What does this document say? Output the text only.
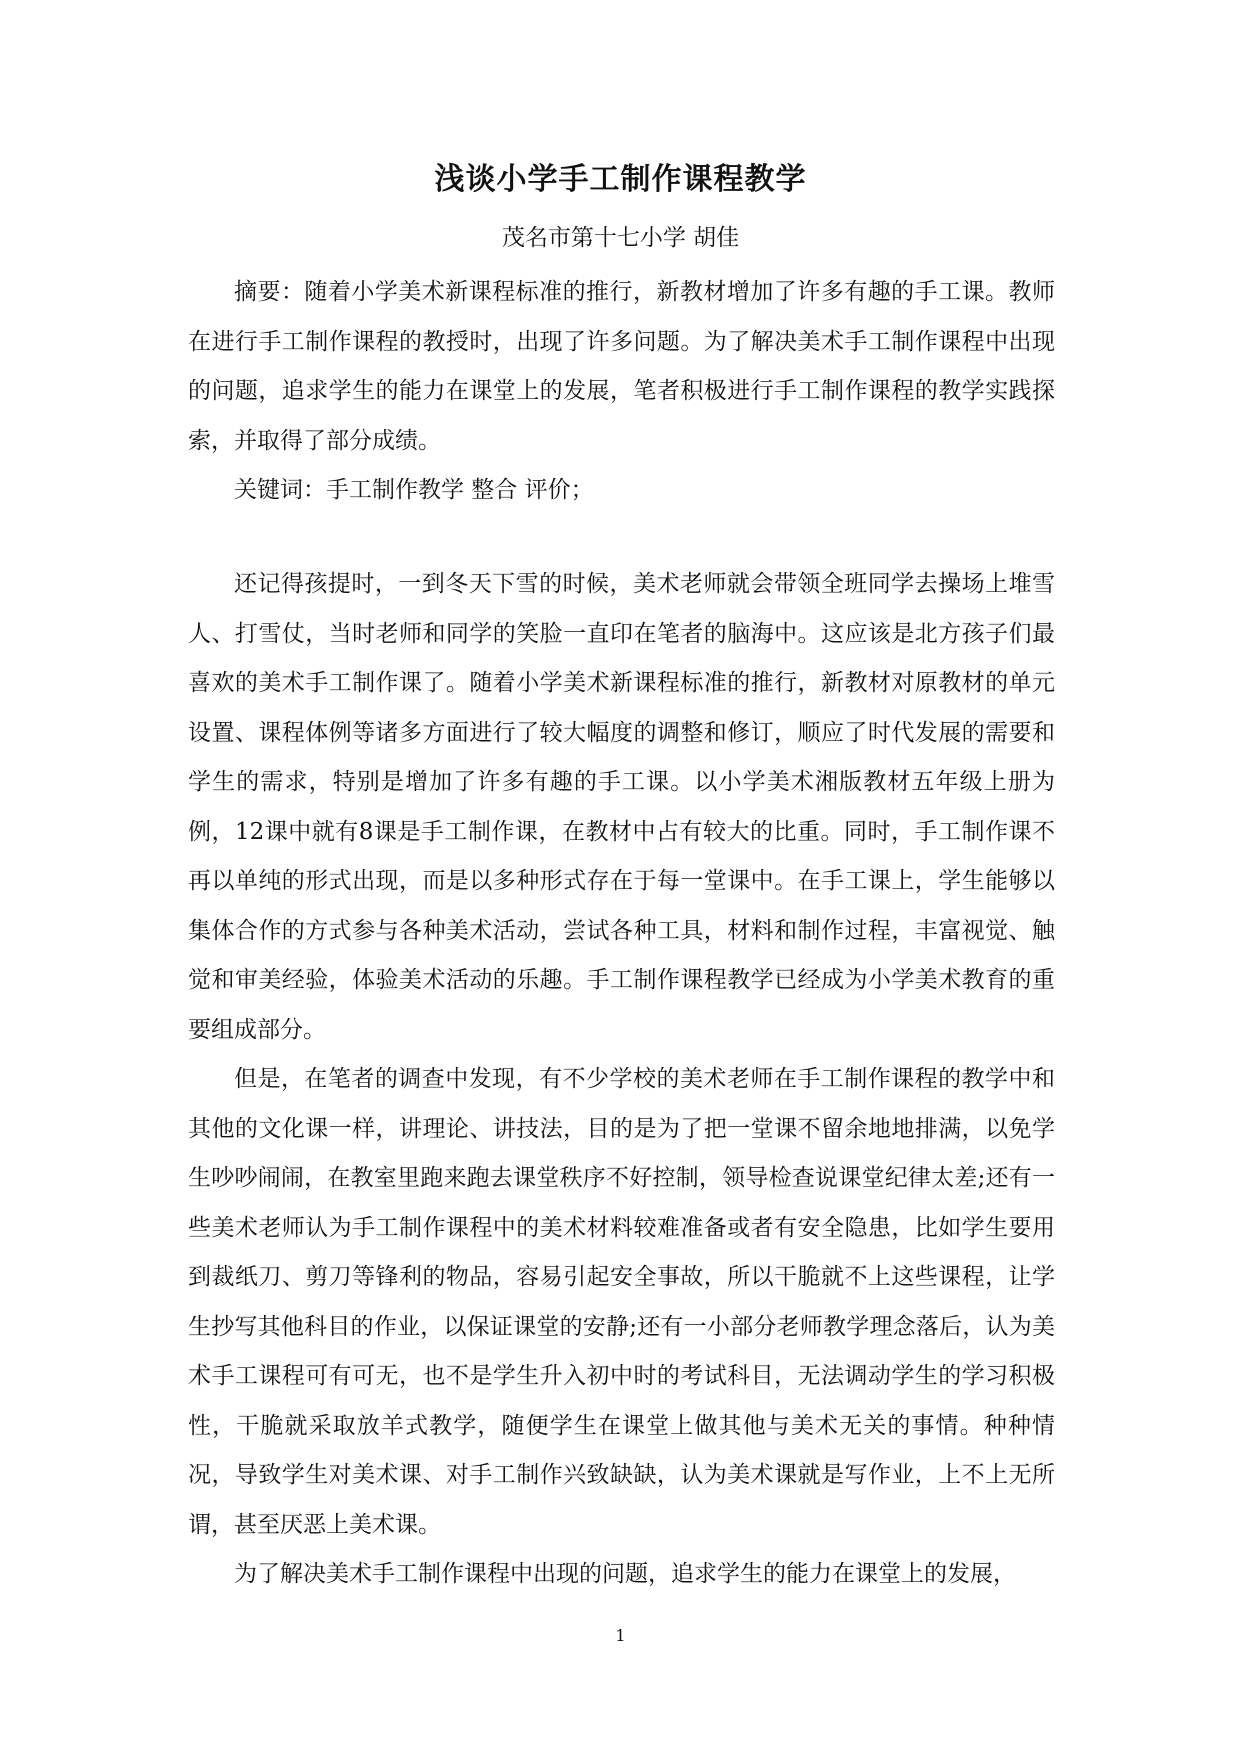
浅谈小学手工制作课程教学
茂名市第十七小学 胡佳

摘要：随着小学美术新课程标准的推行，新教材增加了许多有趣的手工课。教师在进行手工制作课程的教授时，出现了许多问题。为了解决美术手工制作课程中出现的问题，追求学生的能力在课堂上的发展，笔者积极进行手工制作课程的教学实践探索，并取得了部分成绩。

关键词：手工制作教学 整合 评价；

还记得孩提时，一到冬天下雪的时候，美术老师就会带领全班同学去操场上堆雪人、打雪仗，当时老师和同学的笑脸一直印在笔者的脑海中。这应该是北方孩子们最喜欢的美术手工制作课了。随着小学美术新课程标准的推行，新教材对原教材的单元设置、课程体例等诸多方面进行了较大幅度的调整和修订，顺应了时代发展的需要和学生的需求，特别是增加了许多有趣的手工课。以小学美术湘版教材五年级上册为例，12课中就有8课是手工制作课，在教材中占有较大的比重。同时，手工制作课不再以单纯的形式出现，而是以多种形式存在于每一堂课中。在手工课上，学生能够以集体合作的方式参与各种美术活动，尝试各种工具，材料和制作过程，丰富视觉、触觉和审美经验，体验美术活动的乐趣。手工制作课程教学已经成为小学美术教育的重要组成部分。

但是，在笔者的调查中发现，有不少学校的美术老师在手工制作课程的教学中和其他的文化课一样，讲理论、讲技法，目的是为了把一堂课不留余地地排满，以免学生吵吵闹闹，在教室里跑来跑去课堂秩序不好控制，领导检查说课堂纪律太差;还有一些美术老师认为手工制作课程中的美术材料较难准备或者有安全隐患，比如学生要用到裁纸刀、剪刀等锋利的物品，容易引起安全事故，所以干脆就不上这些课程，让学生抄写其他科目的作业，以保证课堂的安静;还有一小部分老师教学理念落后，认为美术手工课程可有可无，也不是学生升入初中时的考试科目，无法调动学生的学习积极性，干脆就采取放羊式教学，随便学生在课堂上做其他与美术无关的事情。种种情况，导致学生对美术课、对手工制作兴致缺缺，认为美术课就是写作业，上不上无所谓，甚至厌恶上美术课。

为了解决美术手工制作课程中出现的问题，追求学生的能力在课堂上的发展，

1
